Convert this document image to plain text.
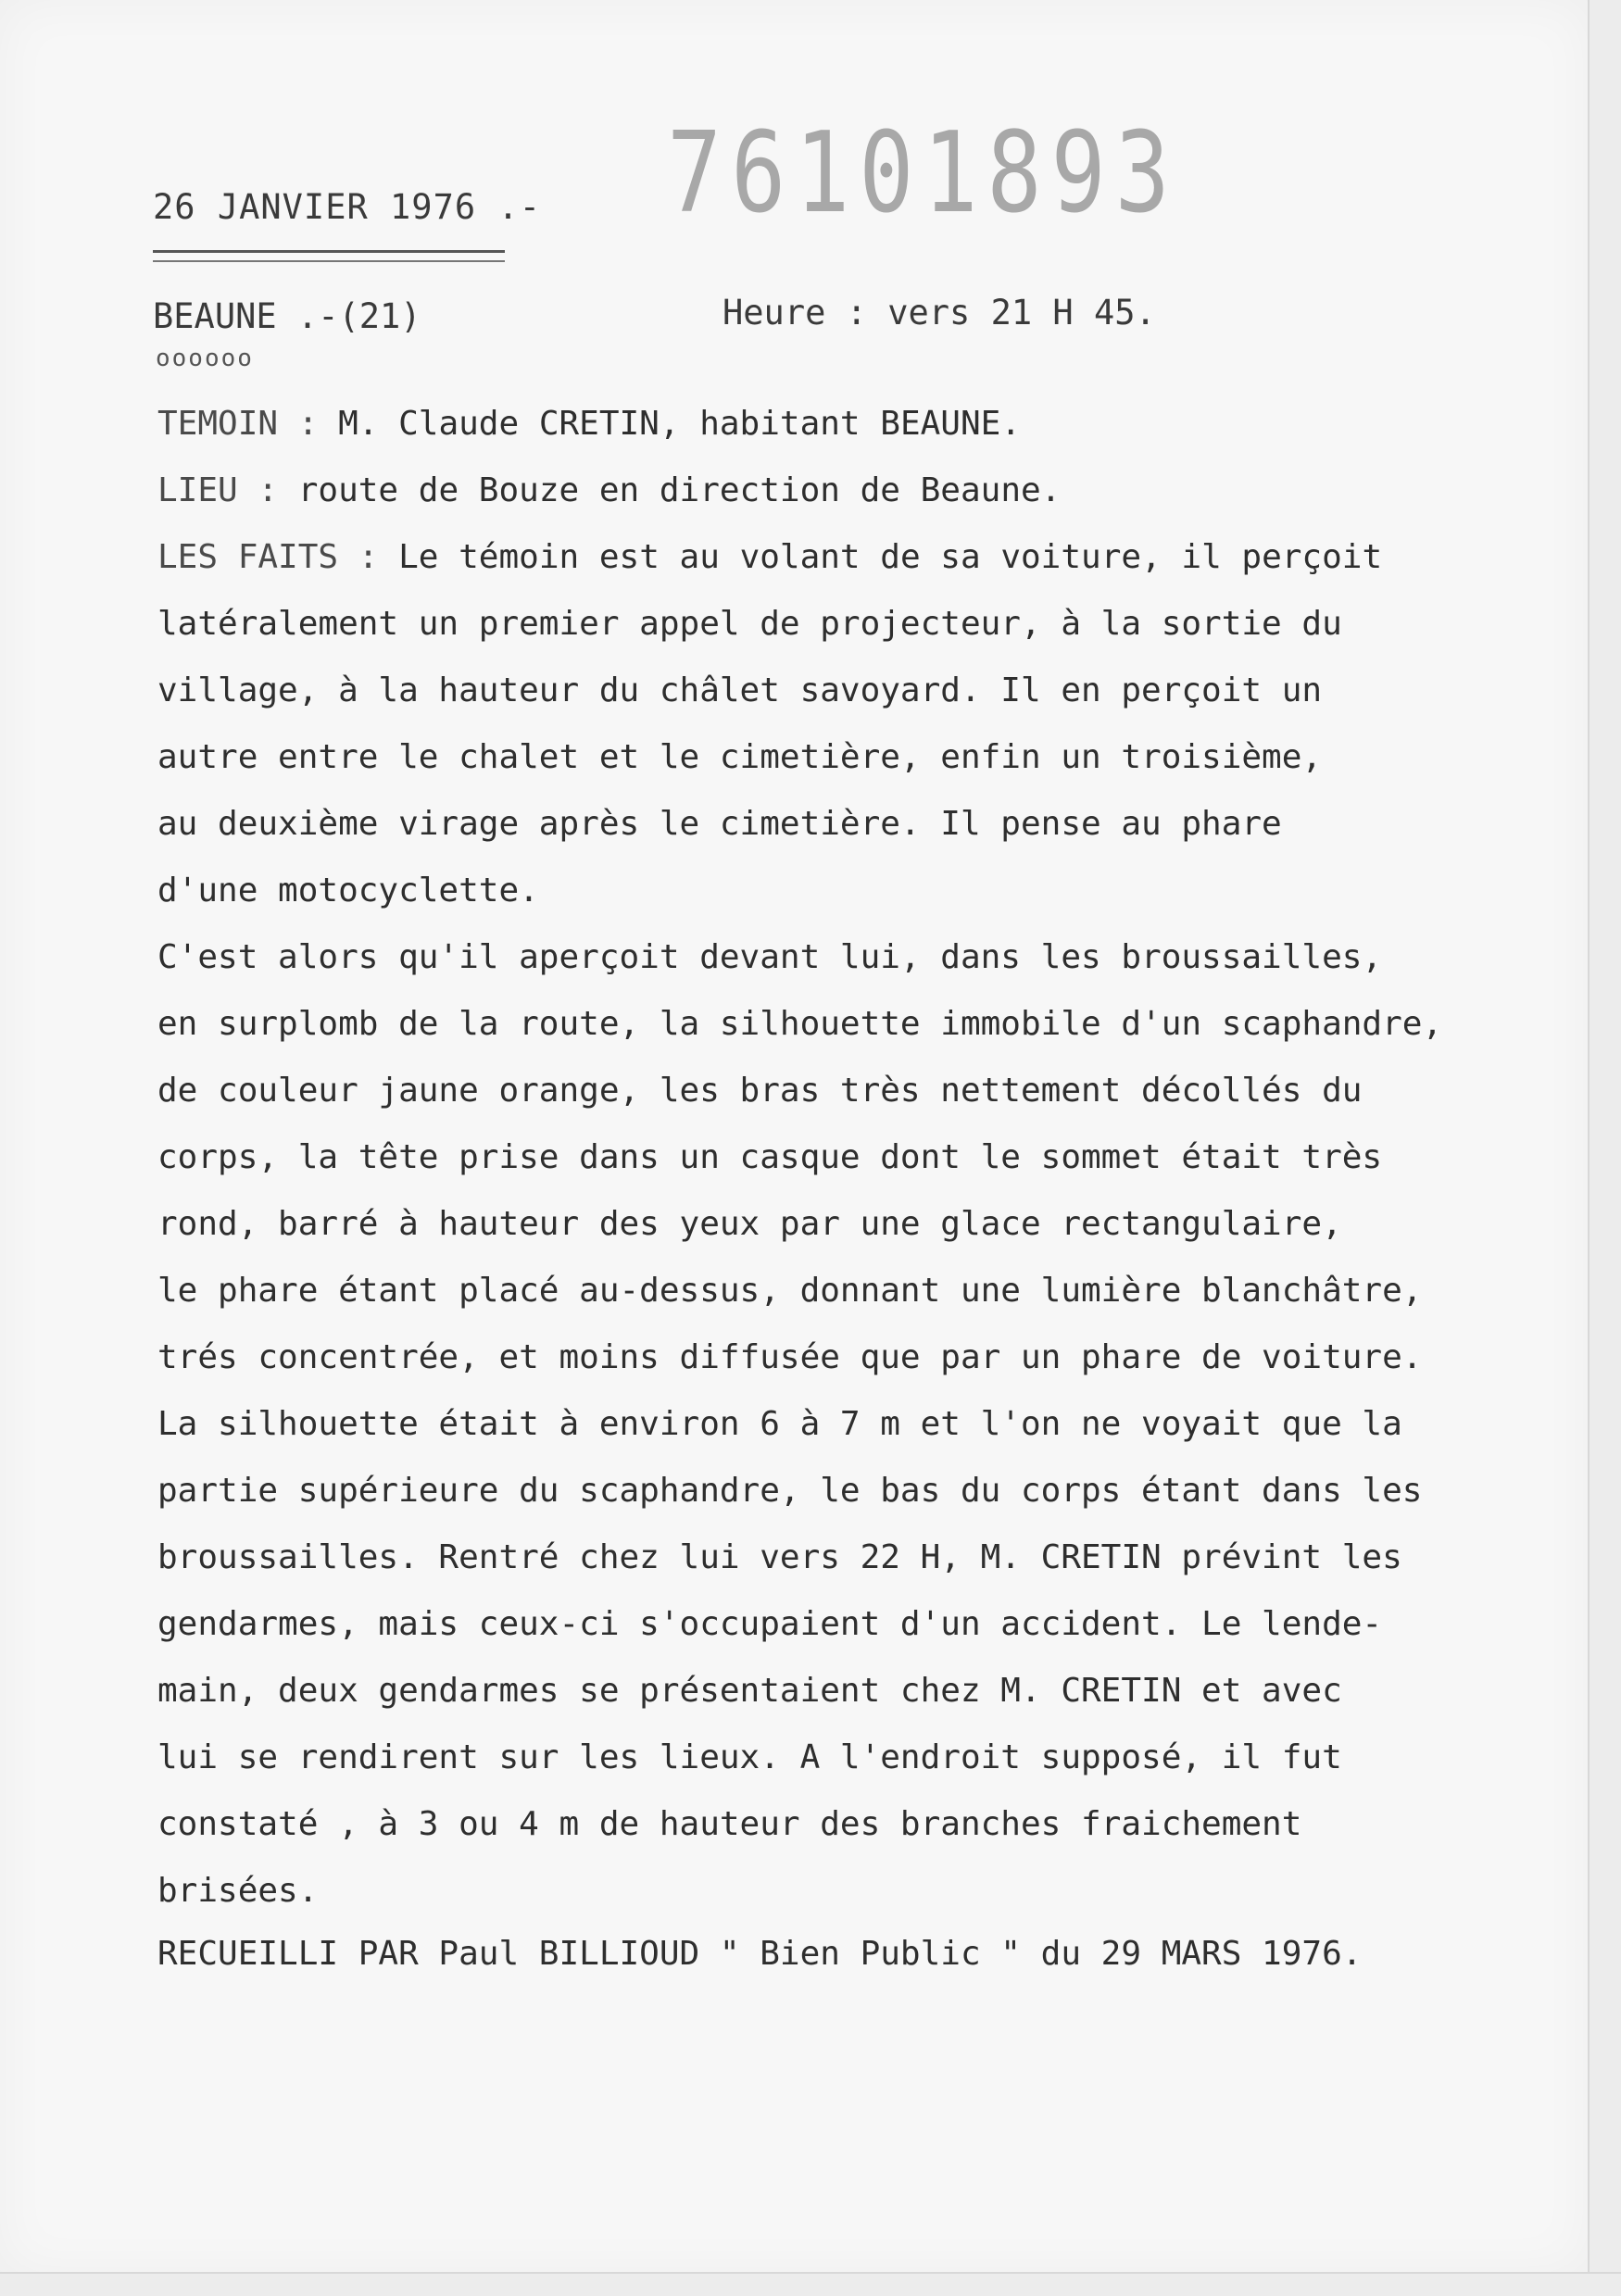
76101893
26 JANVIER 1976 .-
BEAUNE .-(21)
oooooo
Heure : vers 21 H 45.
TEMOIN : M. Claude CRETIN, habitant BEAUNE.
LIEU : route de Bouze en direction de Beaune.
LES FAITS : Le témoin est au volant de sa voiture, il perçoit
latéralement un premier appel de projecteur, à la sortie du
village, à la hauteur du châlet savoyard. Il en perçoit un
autre entre le chalet et le cimetière, enfin un troisième,
au deuxième virage après le cimetière. Il pense au phare
d'une motocyclette.
C'est alors qu'il aperçoit devant lui, dans les broussailles,
en surplomb de la route, la silhouette immobile d'un scaphandre,
de couleur jaune orange, les bras très nettement décollés du
corps, la tête prise dans un casque dont le sommet était très
rond, barré à hauteur des yeux par une glace rectangulaire,
le phare étant placé au-dessus, donnant une lumière blanchâtre,
trés concentrée, et moins diffusée que par un phare de voiture.
La silhouette était à environ 6 à 7 m et l'on ne voyait que la
partie supérieure du scaphandre, le bas du corps étant dans les
broussailles. Rentré chez lui vers 22 H, M. CRETIN prévint les
gendarmes, mais ceux-ci s'occupaient d'un accident. Le lende-
main, deux gendarmes se présentaient chez M. CRETIN et avec
lui se rendirent sur les lieux. A l'endroit supposé, il fut
constaté , à 3 ou 4 m de hauteur des branches fraichement
brisées.
RECUEILLI PAR Paul BILLIOUD " Bien Public " du 29 MARS 1976.
